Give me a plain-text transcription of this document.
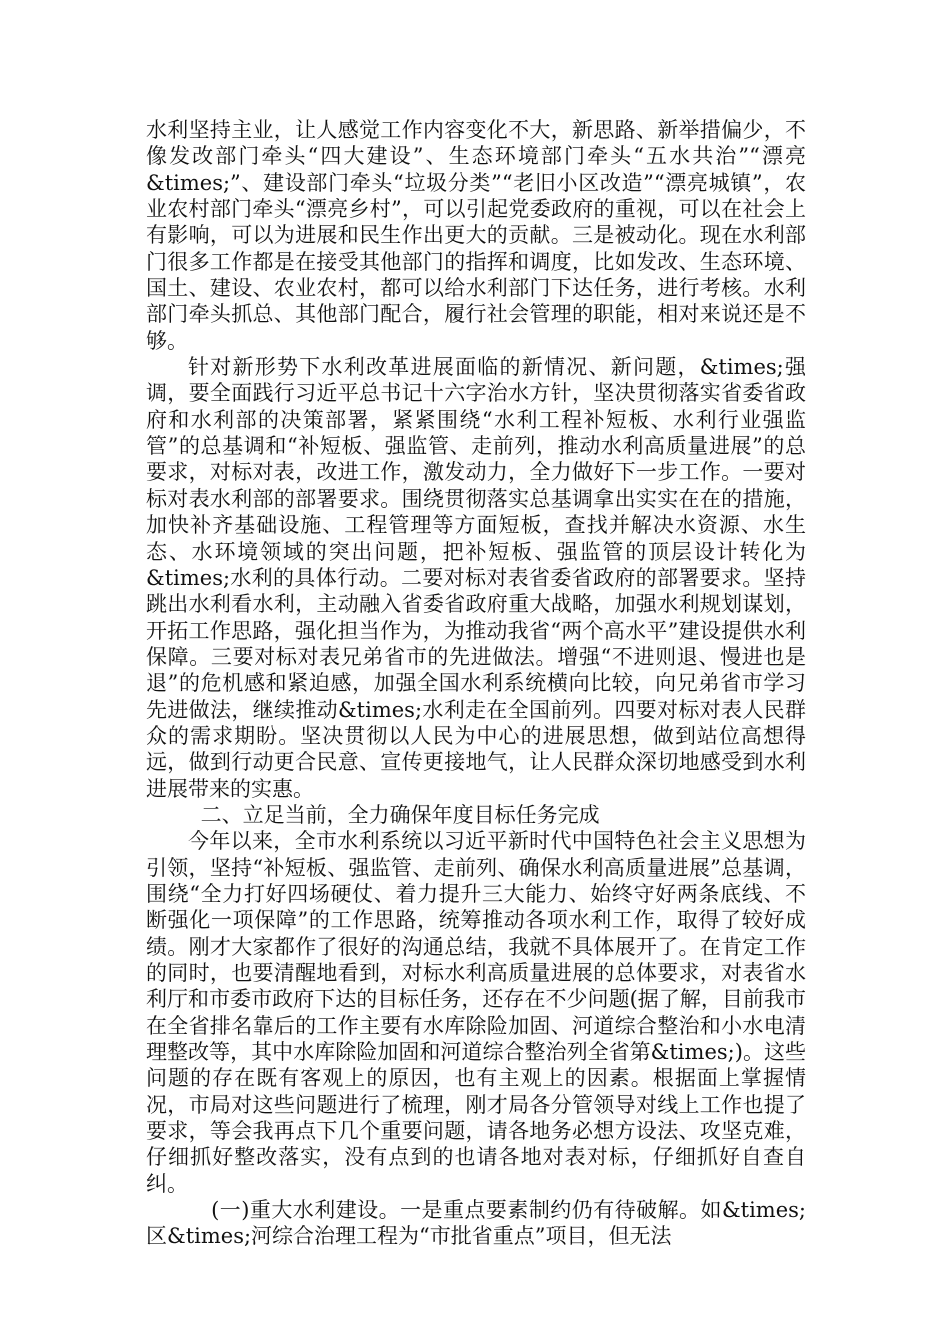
水利坚持主业，让人感觉工作内容变化不大，新思路、新举措偏少，不像发改部门牵头“四大建设”、生态环境部门牵头“五水共治”“漂亮&times;”、建设部门牵头“垃圾分类”“老旧小区改造”“漂亮城镇”，农业农村部门牵头“漂亮乡村”，可以引起党委政府的重视，可以在社会上有影响，可以为进展和民生作出更大的贡献。三是被动化。现在水利部门很多工作都是在接受其他部门的指挥和调度，比如发改、生态环境、国土、建设、农业农村，都可以给水利部门下达任务，进行考核。水利部门牵头抓总、其他部门配合，履行社会管理的职能，相对来说还是不够。

针对新形势下水利改革进展面临的新情况、新问题，&times;强调，要全面践行习近平总书记十六字治水方针，坚决贯彻落实省委省政府和水利部的决策部署，紧紧围绕“水利工程补短板、水利行业强监管”的总基调和“补短板、强监管、走前列，推动水利高质量进展”的总要求，对标对表，改进工作，激发动力，全力做好下一步工作。一要对标对表水利部的部署要求。围绕贯彻落实总基调拿出实实在在的措施，加快补齐基础设施、工程管理等方面短板，查找并解决水资源、水生态、水环境领域的突出问题，把补短板、强监管的顶层设计转化为&times;水利的具体行动。二要对标对表省委省政府的部署要求。坚持跳出水利看水利，主动融入省委省政府重大战略，加强水利规划谋划，开拓工作思路，强化担当作为，为推动我省“两个高水平”建设提供水利保障。三要对标对表兄弟省市的先进做法。增强“不进则退、慢进也是退”的危机感和紧迫感，加强全国水利系统横向比较，向兄弟省市学习先进做法，继续推动&times;水利走在全国前列。四要对标对表人民群众的需求期盼。坚决贯彻以人民为中心的进展思想，做到站位高想得远，做到行动更合民意、宣传更接地气，让人民群众深切地感受到水利进展带来的实惠。

二、立足当前，全力确保年度目标任务完成

今年以来，全市水利系统以习近平新时代中国特色社会主义思想为引领，坚持“补短板、强监管、走前列、确保水利高质量进展”总基调，围绕“全力打好四场硬仗、着力提升三大能力、始终守好两条底线、不断强化一项保障”的工作思路，统筹推动各项水利工作，取得了较好成绩。刚才大家都作了很好的沟通总结，我就不具体展开了。在肯定工作的同时，也要清醒地看到，对标水利高质量进展的总体要求，对表省水利厅和市委市政府下达的目标任务，还存在不少问题(据了解，目前我市在全省排名靠后的工作主要有水库除险加固、河道综合整治和小水电清理整改等，其中水库除险加固和河道综合整治列全省第&times;)。这些问题的存在既有客观上的原因，也有主观上的因素。根据面上掌握情况，市局对这些问题进行了梳理，刚才局各分管领导对线上工作也提了要求，等会我再点下几个重要问题，请各地务必想方设法、攻坚克难，仔细抓好整改落实，没有点到的也请各地对表对标，仔细抓好自查自纠。

(一)重大水利建设。一是重点要素制约仍有待破解。如&times;区&times;河综合治理工程为“市批省重点”项目，但无法
